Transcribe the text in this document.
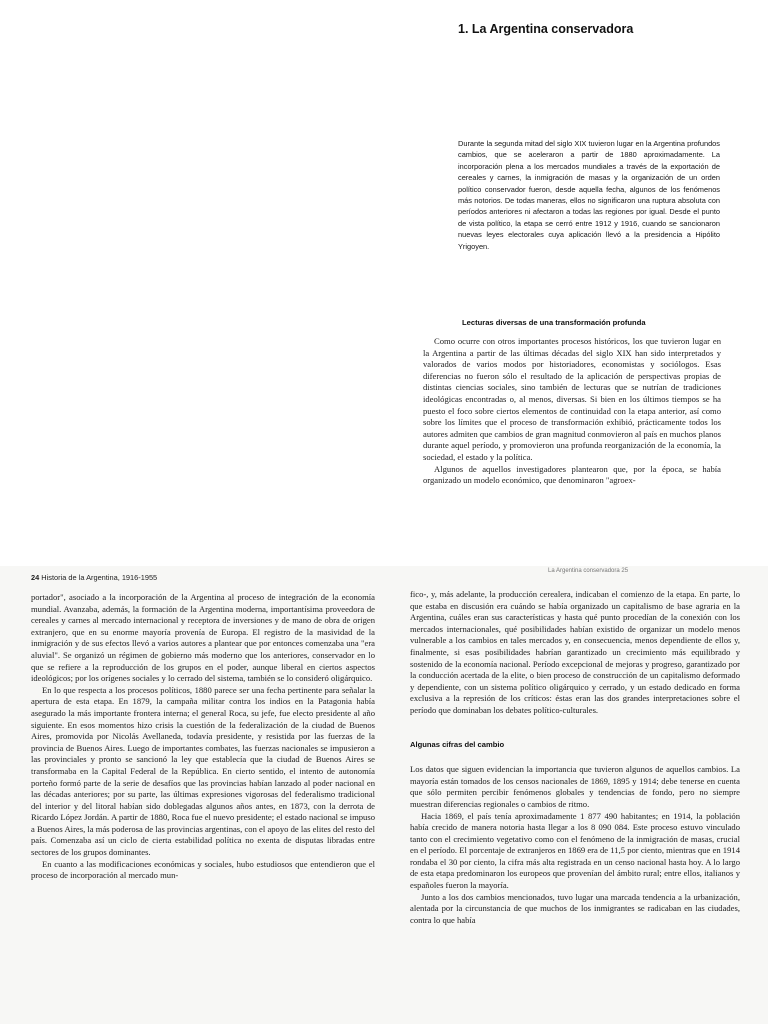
1. La Argentina conservadora

Durante la segunda mitad del siglo XIX tuvieron lugar en la Argentina profundos cambios, que se aceleraron a partir de 1880 aproximadamente. La incorporación plena a los mercados mundiales a través de la exportación de cereales y carnes, la inmigración de masas y la organización de un orden político conservador fueron, desde aquella fecha, algunos de los fenómenos más notorios. De todas maneras, ellos no significaron una ruptura absoluta con períodos anteriores ni afectaron a todas las regiones por igual. Desde el punto de vista político, la etapa se cerró entre 1912 y 1916, cuando se sancionaron nuevas leyes electorales cuya aplicación llevó a la presidencia a Hipólito Yrigoyen.

Lecturas diversas de una transformación profunda

Como ocurre con otros importantes procesos históricos, los que tuvieron lugar en la Argentina a partir de las últimas décadas del siglo XIX han sido interpretados y valorados de varios modos por historiadores, economistas y sociólogos. Esas diferencias no fueron sólo el resultado de la aplicación de perspectivas propias de distintas ciencias sociales, sino también de lecturas que se nutrían de tradiciones ideológicas encontradas o, al menos, diversas. Si bien en los últimos tiempos se ha puesto el foco sobre ciertos elementos de continuidad con la etapa anterior, así como sobre los límites que el proceso de transformación exhibió, prácticamente todos los autores admiten que cambios de gran magnitud conmovieron al país en muchos planos durante aquel período, y promovieron una profunda reorganización de la economía, la sociedad, el estado y la política.

Algunos de aquellos investigadores plantearon que, por la época, se había organizado un modelo económico, que denominaron "agroex-

24 Historia de la Argentina, 1916-1955
La Argentina conservadora 25

portador", asociado a la incorporación de la Argentina al proceso de integración de la economía mundial. Avanzaba, además, la formación de la Argentina moderna, importantísima proveedora de cereales y carnes al mercado internacional y receptora de inversiones y de mano de obra de origen extranjero, que en su enorme mayoría provenía de Europa. El registro de la masividad de la inmigración y de sus efectos llevó a varios autores a plantear que por entonces comenzaba una "era aluvial". Se organizó un régimen de gobierno más moderno que los anteriores, conservador en lo que se refiere a la reproducción de los grupos en el poder, aunque liberal en ciertos aspectos ideológicos; por los orígenes sociales y lo cerrado del sistema, también se lo consideró oligárquico.

En lo que respecta a los procesos políticos, 1880 parece ser una fecha pertinente para señalar la apertura de esta etapa. En 1879, la campaña militar contra los indios en la Patagonia había asegurado la más importante frontera interna; el general Roca, su jefe, fue electo presidente al año siguiente. En esos momentos hizo crisis la cuestión de la federalización de la ciudad de Buenos Aires, promovida por Nicolás Avellaneda, todavía presidente, y resistida por las fuerzas de la provincia de Buenos Aires. Luego de importantes combates, las fuerzas nacionales se impusieron a las provinciales y pronto se sancionó la ley que establecía que la ciudad de Buenos Aires se transformaba en la Capital Federal de la República. En cierto sentido, el intento de autonomía porteño formó parte de la serie de desafíos que las provincias habían lanzado al poder nacional en las décadas anteriores; por su parte, las últimas expresiones vigorosas del federalismo tradicional del interior y del litoral habían sido doblegadas algunos años antes, en 1873, con la derrota de Ricardo López Jordán. A partir de 1880, Roca fue el nuevo presidente; el estado nacional se impuso a Buenos Aires, la más poderosa de las provincias argentinas, con el apoyo de las elites del resto del país. Comenzaba así un ciclo de cierta estabilidad política no exenta de disputas libradas entre sectores de los grupos dominantes.

En cuanto a las modificaciones económicas y sociales, hubo estudiosos que entendieron que el proceso de incorporación al mercado mun-

fico-, y, más adelante, la producción cerealera, indicaban el comienzo de la etapa. En parte, lo que estaba en discusión era cuándo se había organizado un capitalismo de base agraria en la Argentina, cuáles eran sus características y hasta qué punto procedían de la conexión con los mercados internacionales, qué posibilidades habían existido de organizar un modelo menos vulnerable a los cambios en tales mercados y, en consecuencia, menos dependiente de ellos y, finalmente, si esas posibilidades habrían garantizado un crecimiento más equilibrado y sostenido de la economía nacional. Período excepcional de mejoras y progreso, garantizado por la conducción acertada de la elite, o bien proceso de construcción de un capitalismo deformado y dependiente, con un sistema político oligárquico y cerrado, y un estado dedicado en forma exclusiva a la represión de los críticos: éstas eran las dos grandes interpretaciones sobre el período que dominaban los debates político-culturales.

Algunas cifras del cambio

Los datos que siguen evidencian la importancia que tuvieron algunos de aquellos cambios. La mayoría están tomados de los censos nacionales de 1869, 1895 y 1914; debe tenerse en cuenta que sólo permiten percibir fenómenos globales y tendencias de fondo, pero no siempre muestran diferencias regionales o cambios de ritmo.

Hacia 1869, el país tenía aproximadamente 1 877 490 habitantes; en 1914, la población había crecido de manera notoria hasta llegar a los 8 090 084. Este proceso estuvo vinculado tanto con el crecimiento vegetativo como con el fenómeno de la inmigración de masas, crucial en el período. El porcentaje de extranjeros en 1869 era de 11,5 por ciento, mientras que en 1914 rondaba el 30 por ciento, la cifra más alta registrada en un censo nacional hasta hoy. A lo largo de esta etapa predominaron los europeos que provenían del ámbito rural; entre ellos, italianos y españoles fueron la mayoría.

Junto a los dos cambios mencionados, tuvo lugar una marcada tendencia a la urbanización, alentada por la circunstancia de que muchos de los inmigrantes se radicaban en las ciudades, contra lo que había
